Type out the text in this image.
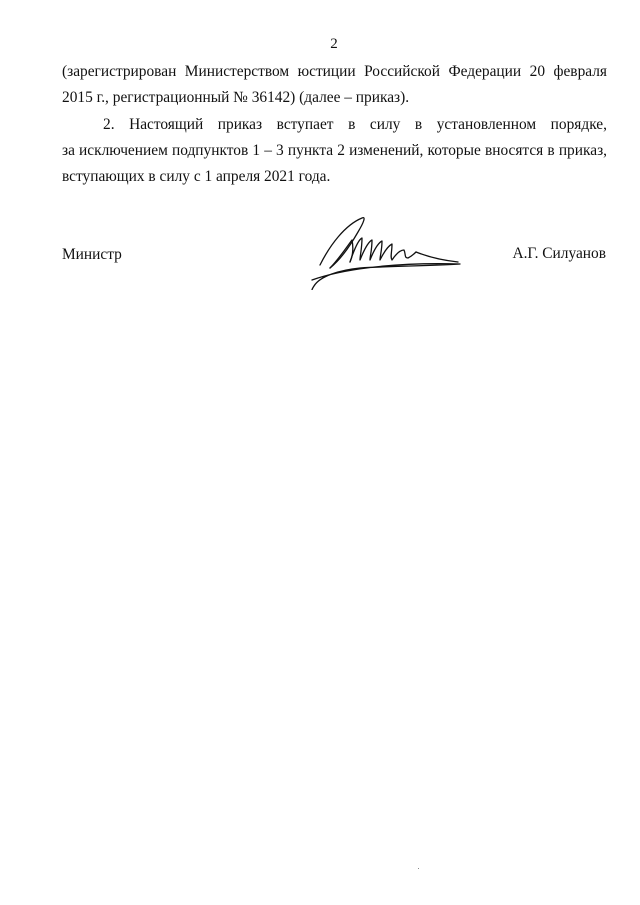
2
(зарегистрирован Министерством юстиции Российской Федерации 20 февраля
2015 г., регистрационный № 36142) (далее – приказ).
2. Настоящий приказ вступает в силу в установленном порядке,
за исключением подпунктов 1 – 3 пункта 2 изменений, которые вносятся в приказ,
вступающих в силу с 1 апреля 2021 года.
Министр	А.Г. Силуанов
